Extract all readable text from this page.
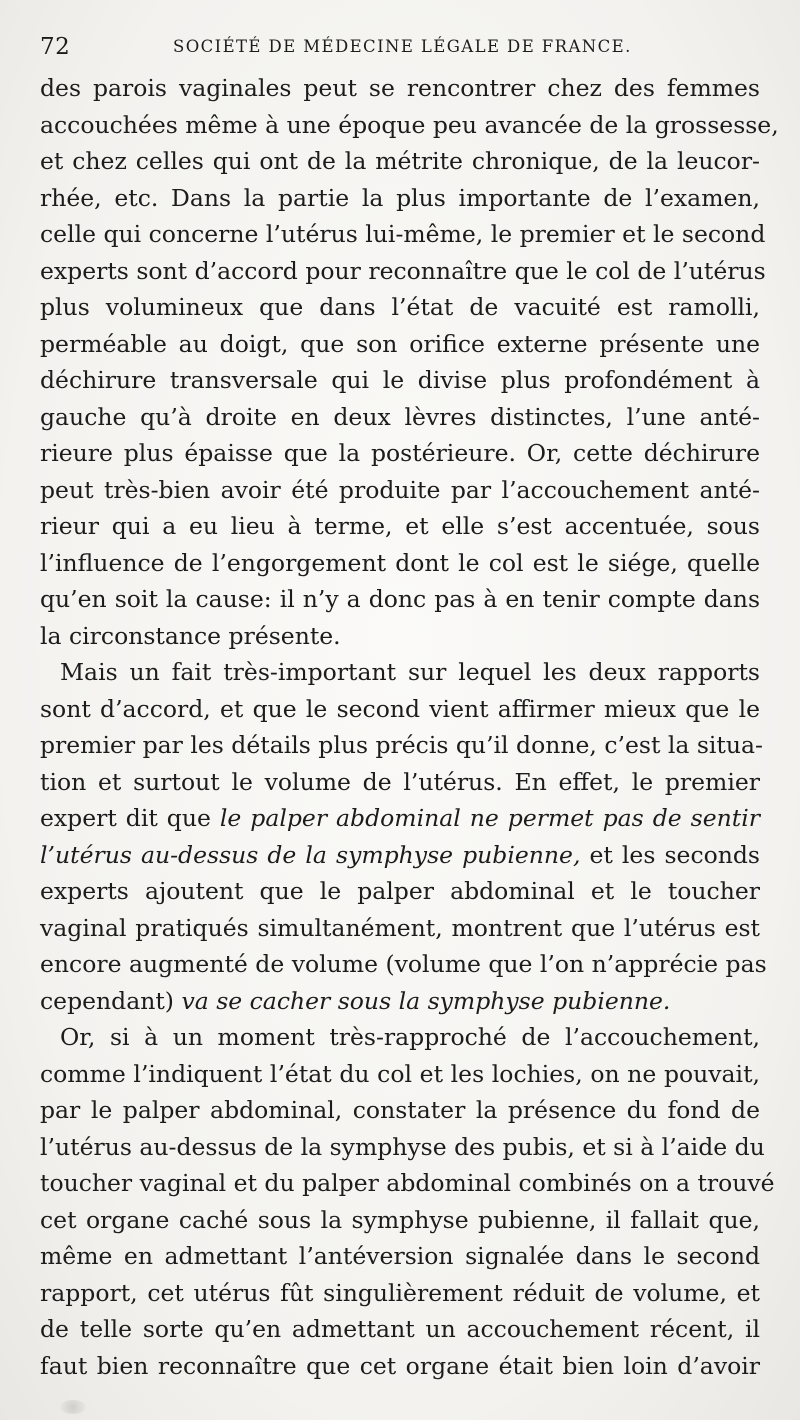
72	SOCIÉTÉ DE MÉDECINE LÉGALE DE FRANCE.
des parois vaginales peut se rencontrer chez des femmes
accouchées même à une époque peu avancée de la grossesse,
et chez celles qui ont de la métrite chronique, de la leucor-
rhée, etc. Dans la partie la plus importante de l’examen,
celle qui concerne l’utérus lui-même, le premier et le second
experts sont d’accord pour reconnaître que le col de l’utérus
plus volumineux que dans l’état de vacuité est ramolli,
perméable au doigt, que son orifice externe présente une
déchirure transversale qui le divise plus profondément à
gauche qu’à droite en deux lèvres distinctes, l’une anté-
rieure plus épaisse que la postérieure. Or, cette déchirure
peut très-bien avoir été produite par l’accouchement anté-
rieur qui a eu lieu à terme, et elle s’est accentuée, sous
l’influence de l’engorgement dont le col est le siége, quelle
qu’en soit la cause: il n’y a donc pas à en tenir compte dans
la circonstance présente.
Mais un fait très-important sur lequel les deux rapports
sont d’accord, et que le second vient affirmer mieux que le
premier par les détails plus précis qu’il donne, c’est la situa-
tion et surtout le volume de l’utérus. En effet, le premier
expert dit que le palper abdominal ne permet pas de sentir
l’utérus au-dessus de la symphyse pubienne, et les seconds
experts ajoutent que le palper abdominal et le toucher
vaginal pratiqués simultanément, montrent que l’utérus est
encore augmenté de volume (volume que l’on n’apprécie pas
cependant) va se cacher sous la symphyse pubienne.
Or, si à un moment très-rapproché de l’accouchement,
comme l’indiquent l’état du col et les lochies, on ne pouvait,
par le palper abdominal, constater la présence du fond de
l’utérus au-dessus de la symphyse des pubis, et si à l’aide du
toucher vaginal et du palper abdominal combinés on a trouvé
cet organe caché sous la symphyse pubienne, il fallait que,
même en admettant l’antéversion signalée dans le second
rapport, cet utérus fût singulièrement réduit de volume, et
de telle sorte qu’en admettant un accouchement récent, il
faut bien reconnaître que cet organe était bien loin d’avoir
